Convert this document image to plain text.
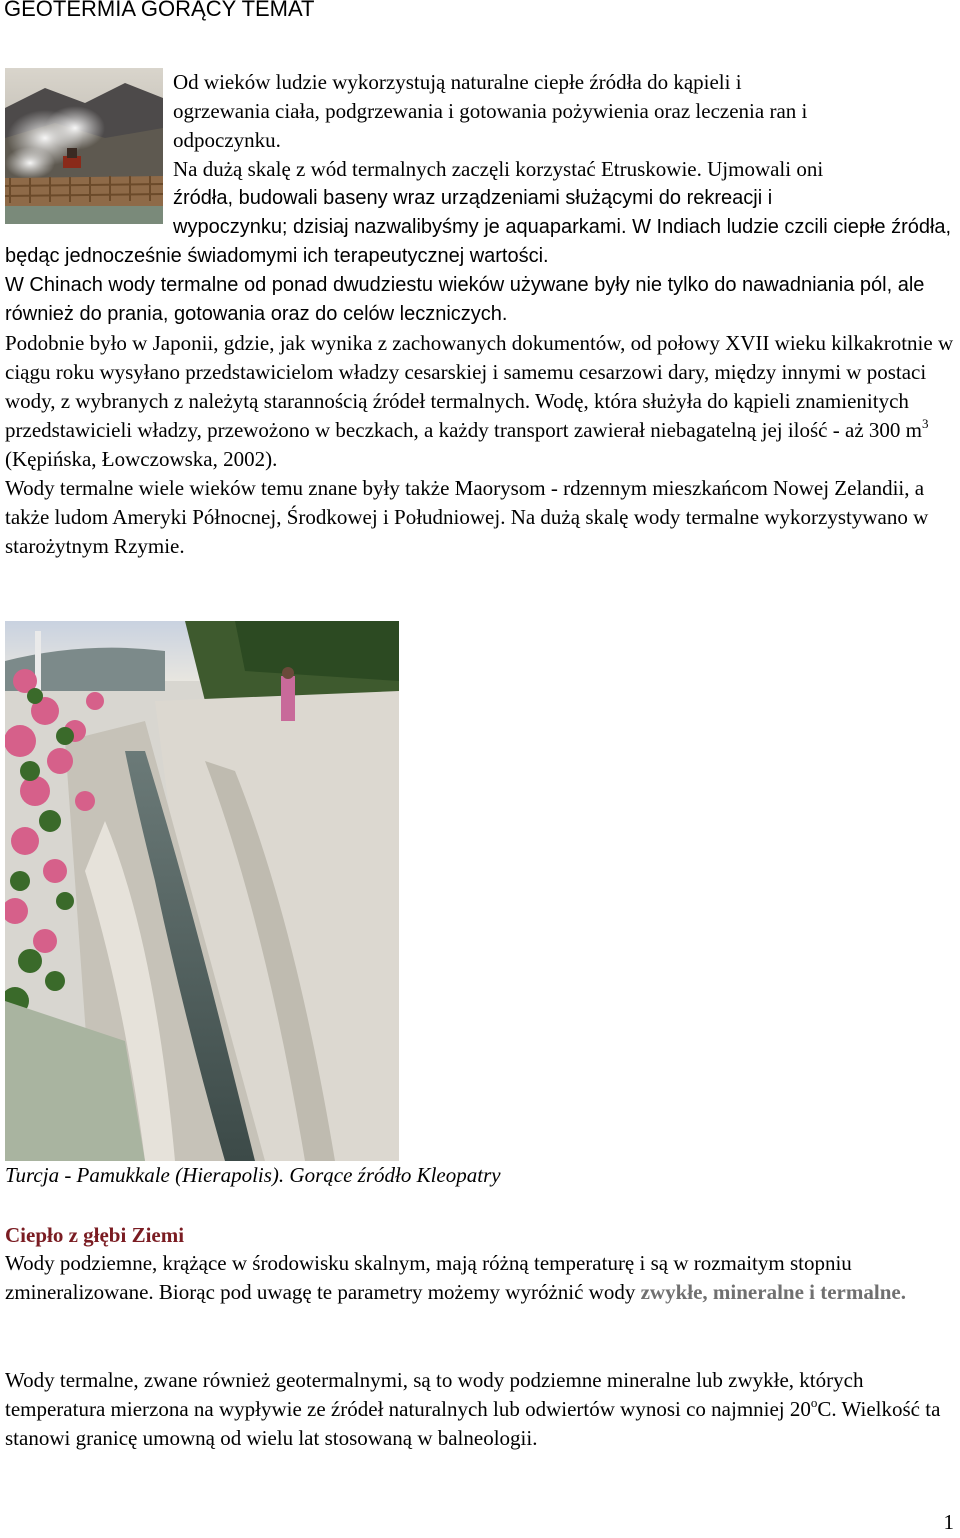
GEOTERMIA GORĄCY TEMAT

Od wieków ludzie wykorzystują naturalne ciepłe źródła do kąpieli i
ogrzewania ciała, podgrzewania i gotowania pożywienia oraz leczenia ran i
odpoczynku.
Na dużą skalę z wód termalnych zaczęli korzystać Etruskowie. Ujmowali oni

źródła, budowali baseny wraz urządzeniami służącymi do rekreacji i
wypoczynku; dzisiaj nazwalibyśmy je aquaparkami. W Indiach ludzie czcili ciepłe źródła, będąc jednocześnie świadomymi ich terapeutycznej wartości.

W Chinach wody termalne od ponad dwudziestu wieków używane były nie tylko do nawadniania pól, ale również do prania, gotowania oraz do celów leczniczych.

Podobnie było w Japonii, gdzie, jak wynika z zachowanych dokumentów, od połowy XVII wieku kilkakrotnie w ciągu roku wysyłano przedstawicielom władzy cesarskiej i samemu cesarzowi dary, między innymi w postaci wody, z wybranych z należytą starannością źródeł termalnych. Wodę, która służyła do kąpieli znamienitych przedstawicieli władzy, przewożono w beczkach, a każdy transport zawierał niebagatelną jej ilość - aż 300 $m^3$ (Kępińska, Łowczowska, 2002).

Wody termalne wiele wieków temu znane były także Maorysom - rdzennym mieszkańcom Nowej Zelandii, a także ludom Ameryki Północnej, Środkowej i Południowej. Na dużą skalę wody termalne wykorzystywano w starożytnym Rzymie.

Turcja - Pamukkale (Hierapolis). Gorące źródło Kleopatry
Ciepło z głębi Ziemi

Wody podziemne, krążące w środowisku skalnym, mają różną temperaturę i są w rozmaitym stopniu zmineralizowane. Biorąc pod uwagę te parametry możemy wyróżnić wody zwykłe, mineralne i termalne.

Wody termalne, zwane również geotermalnymi, są to wody podziemne mineralne lub zwykłe, których temperatura mierzona na wypływie ze źródeł naturalnych lub odwiertów wynosi co najmniej 20$^o$C. Wielkość ta stanowi granicę umowną od wielu lat stosowaną w balneologii.

1
